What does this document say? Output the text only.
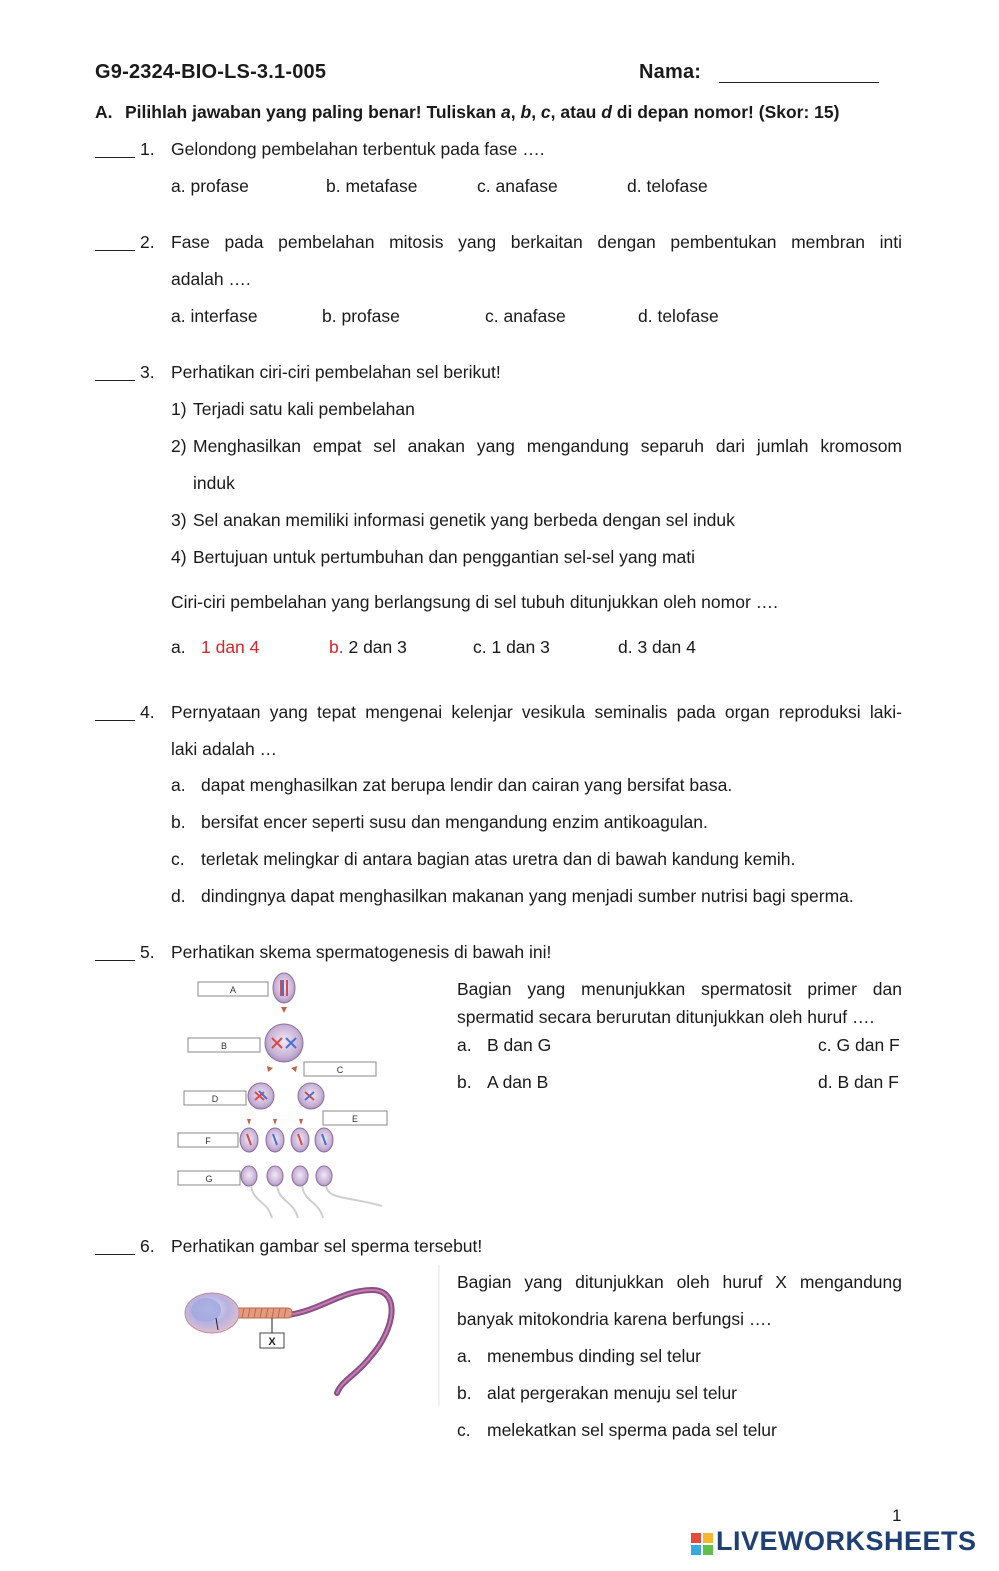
G9-2324-BIO-LS-3.1-005	Nama:
A. Pilihlah jawaban yang paling benar! Tuliskan a, b, c, atau d di depan nomor! (Skor: 15)
1. Gelondong pembelahan terbentuk pada fase ….
a. profase	b. metafase	c. anafase	d. telofase
2. Fase pada pembelahan mitosis yang berkaitan dengan pembentukan membran inti
adalah ….
a. interfase	b. profase	c. anafase	d. telofase
3. Perhatikan ciri-ciri pembelahan sel berikut!
1) Terjadi satu kali pembelahan
2) Menghasilkan empat sel anakan yang mengandung separuh dari jumlah kromosom
induk
3) Sel anakan memiliki informasi genetik yang berbeda dengan sel induk
4) Bertujuan untuk pertumbuhan dan penggantian sel-sel yang mati
Ciri-ciri pembelahan yang berlangsung di sel tubuh ditunjukkan oleh nomor ….
a. 1 dan 4	b. 2 dan 3	c. 1 dan 3	d. 3 dan 4
4. Pernyataan yang tepat mengenai kelenjar vesikula seminalis pada organ reproduksi laki-
laki adalah …
a. dapat menghasilkan zat berupa lendir dan cairan yang bersifat basa.
b. bersifat encer seperti susu dan mengandung enzim antikoagulan.
c. terletak melingkar di antara bagian atas uretra dan di bawah kandung kemih.
d. dindingnya dapat menghasilkan makanan yang menjadi sumber nutrisi bagi sperma.
5. Perhatikan skema spermatogenesis di bawah ini!
A
B
C
D
E
F
G
Bagian yang menunjukkan spermatosit primer dan
spermatid secara berurutan ditunjukkan oleh huruf ….
a. B dan G	c. G dan F
b. A dan B	d. B dan F
6. Perhatikan gambar sel sperma tersebut!
X
Bagian yang ditunjukkan oleh huruf X mengandung
banyak mitokondria karena berfungsi ….
a. menembus dinding sel telur
b. alat pergerakan menuju sel telur
c. melekatkan sel sperma pada sel telur
1
LIVEWORKSHEETS
